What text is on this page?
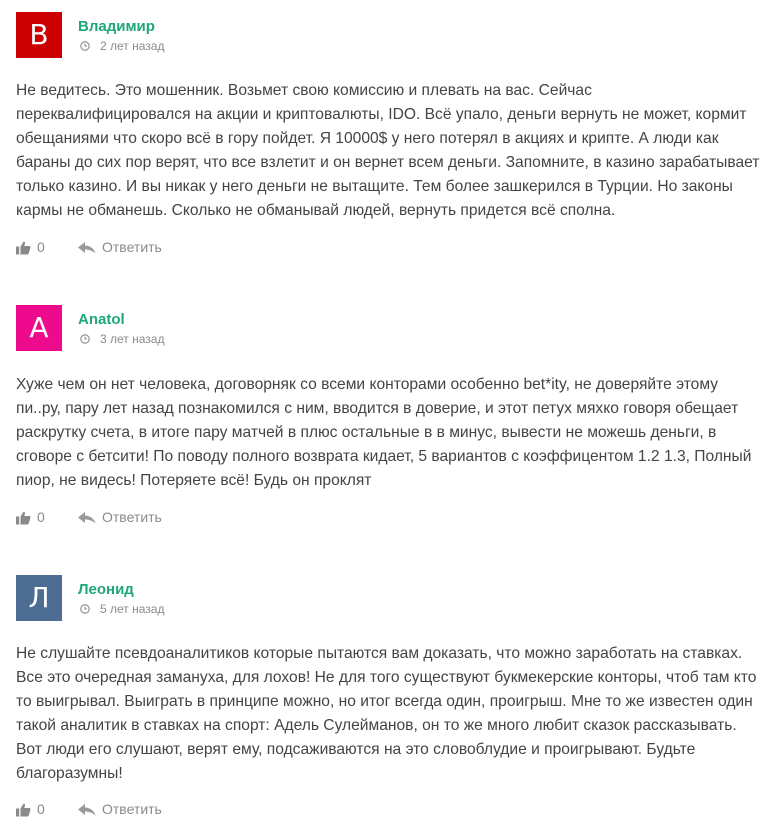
В	Владимир
2 лет назад

Не ведитесь. Это мошенник. Возьмет свою комиссию и плевать на вас. Сейчас переквалифицировался на акции и криптовалюты, IDO. Всё упало, деньги вернуть не может, кормит обещаниями что скоро всё в гору пойдет. Я 10000$ у него потерял в акциях и крипте. А люди как бараны до сих пор верят, что все взлетит и он вернет всем деньги. Запомните, в казино зарабатывает только казино. И вы никак у него деньги не вытащите. Тем более зашкерился в Турции. Но законы кармы не обманешь. Сколько не обманывай людей, вернуть придется всё сполна.

0	Ответить
A	Anatol
3 лет назад

Хуже чем он нет человека, договорняк со всеми конторами особенно bet*ity, не доверяйте этому пи..ру, пару лет назад познакомился с ним, вводится в доверие, и этот петух мяхко говоря обещает раскрутку счета, в итоге пару матчей в плюс остальные в в минус, вывести не можешь деньги, в сговоре с бетсити! По поводу полного возврата кидает, 5 вариантов с коэффицентом 1.2 1.3, Полный пиор, не видесь! Потеряете всё! Будь он проклят

0	Ответить
Л	Леонид
5 лет назад

Не слушайте псевдоаналитиков которые пытаются вам доказать, что можно заработать на ставках. Все это очередная замануха, для лохов! Не для того существуют букмекерские конторы, чтоб там кто то выигрывал. Выиграть в принципе можно, но итог всегда один, проигрыш. Мне то же известен один такой аналитик в ставках на спорт: Адель Сулейманов, он то же много любит сказок рассказывать. Вот люди его слушают, верят ему, подсаживаются на это словоблудие и проигрывают. Будьте благоразумны!

0	Ответить
